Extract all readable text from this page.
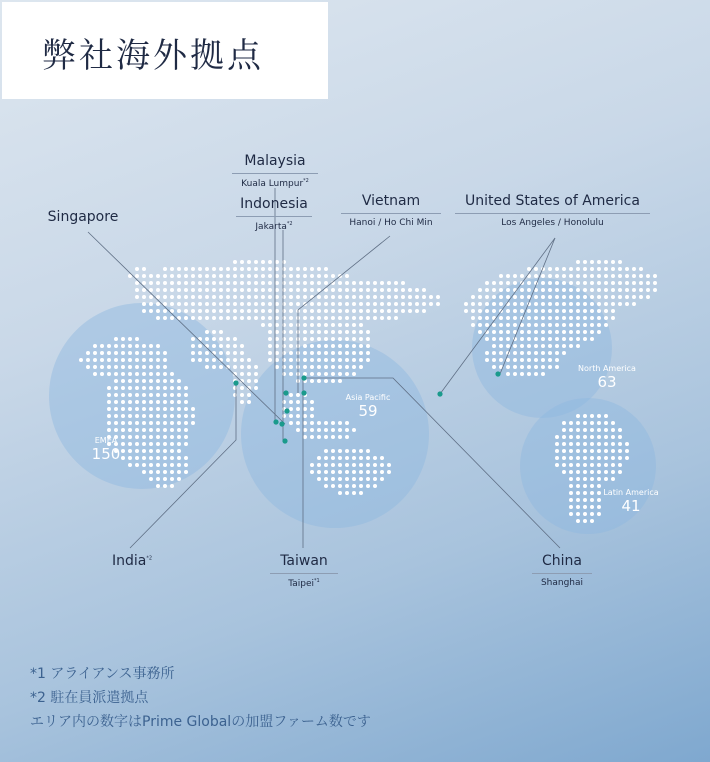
弊社海外拠点
Malaysia
Kuala Lumpur$^{*2}$
Indonesia
Jakarta$^{*2}$
Vietnam
Hanoi / Ho Chi Min
United States of America
Los Angeles / Honolulu
Singapore
India$^{*2}$	Taiwan
Taipei$^{*1}$
China
Shanghai
EMEA
150
Asia Pacific
59
North America
63
Latin America
41
*1 アライアンス事務所
*2 駐在員派遣拠点
エリア内の数字はPrime Globalの加盟ファーム数です
